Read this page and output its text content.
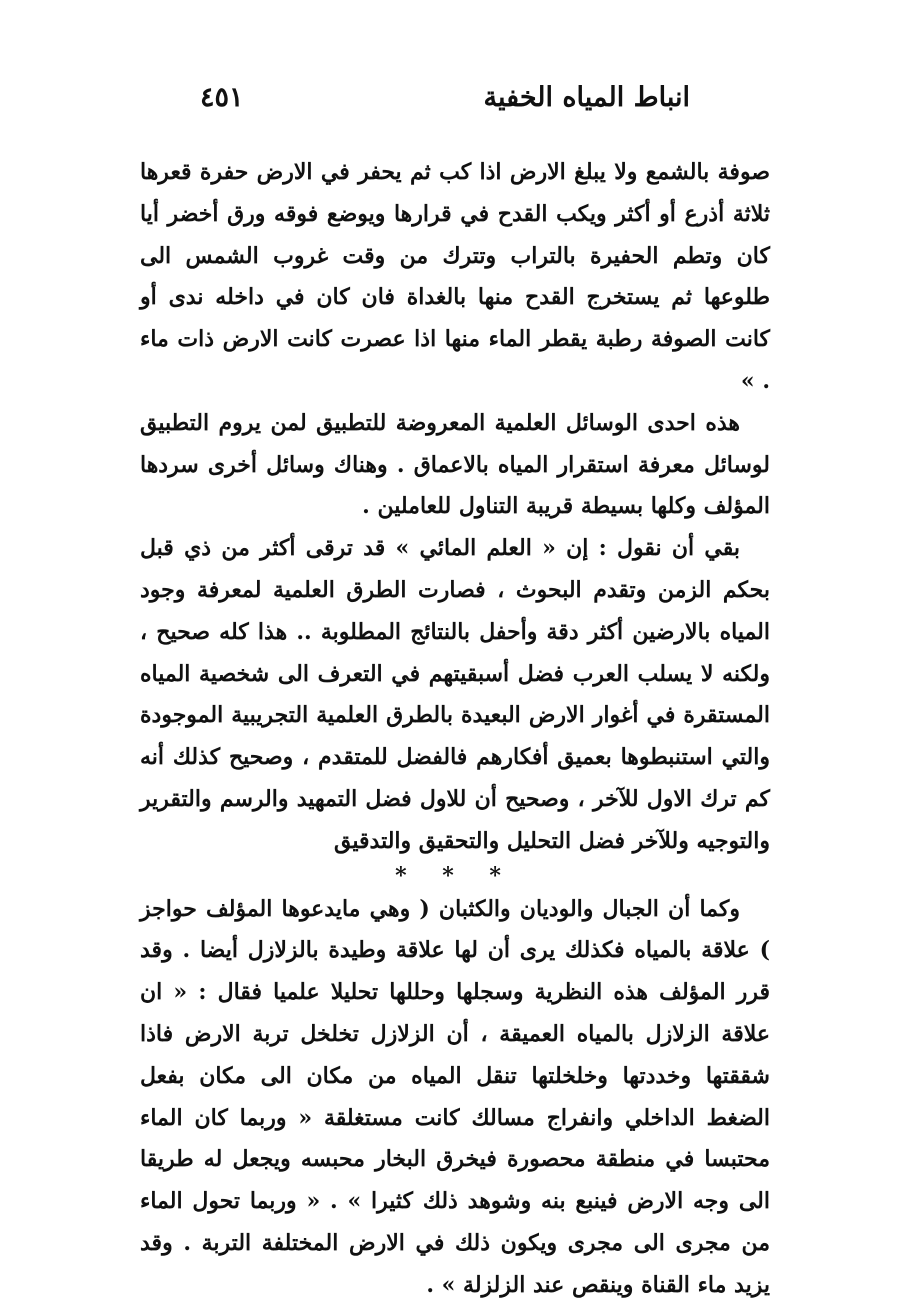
انباط المياه الخفية
٤٥١

صوفة بالشمع ولا يبلغ الارض اذا كب ثم يحفر في الارض حفرة قعرها ثلاثة أذرع أو أكثر ويكب القدح في قرارها ويوضع فوقه ورق أخضر أيا كان وتطم الحفيرة بالتراب وتترك من وقت غروب الشمس الى طلوعها ثم يستخرج القدح منها بالغداة فان كان في داخله ندى أو كانت الصوفة رطبة يقطر الماء منها اذا عصرت كانت الارض ذات ماء . »

هذه احدى الوسائل العلمية المعروضة للتطبيق لمن يروم التطبيق لوسائل معرفة استقرار المياه بالاعماق . وهناك وسائل أخرى سردها المؤلف وكلها بسيطة قريبة التناول للعاملين .

بقي أن نقول : إن « العلم المائي » قد ترقى أكثر من ذي قبل بحكم الزمن وتقدم البحوث ، فصارت الطرق العلمية لمعرفة وجود المياه بالارضين أكثر دقة وأحفل بالنتائج المطلوبة .. هذا كله صحيح ، ولكنه لا يسلب العرب فضل أسبقيتهم في التعرف الى شخصية المياه المستقرة في أغوار الارض البعيدة بالطرق العلمية التجريبية الموجودة والتي استنبطوها بعميق أفكارهم فالفضل للمتقدم ، وصحيح كذلك أنه كم ترك الاول للآخر ، وصحيح أن للاول فضل التمهيد والرسم والتقرير والتوجيه وللآخر فضل التحليل والتحقيق والتدقيق

* * *

وكما أن الجبال والوديان والكثبان ( وهي مايدعوها المؤلف حواجز ) علاقة بالمياه فكذلك يرى أن لها علاقة وطيدة بالزلازل أيضا . وقد قرر المؤلف هذه النظرية وسجلها وحللها تحليلا علميا فقال : « ان علاقة الزلازل بالمياه العميقة ، أن الزلازل تخلخل تربة الارض فاذا شققتها وخددتها وخلخلتها تنقل المياه من مكان الى مكان بفعل الضغط الداخلي وانفراج مسالك كانت مستغلقة « وربما كان الماء محتبسا في منطقة محصورة فيخرق البخار محبسه ويجعل له طريقا الى وجه الارض فينبع بنه وشوهد ذلك كثيرا » . « وربما تحول الماء من مجرى الى مجرى ويكون ذلك في الارض المختلفة التربة . وقد يزيد ماء القناة وينقص عند الزلزلة » .
